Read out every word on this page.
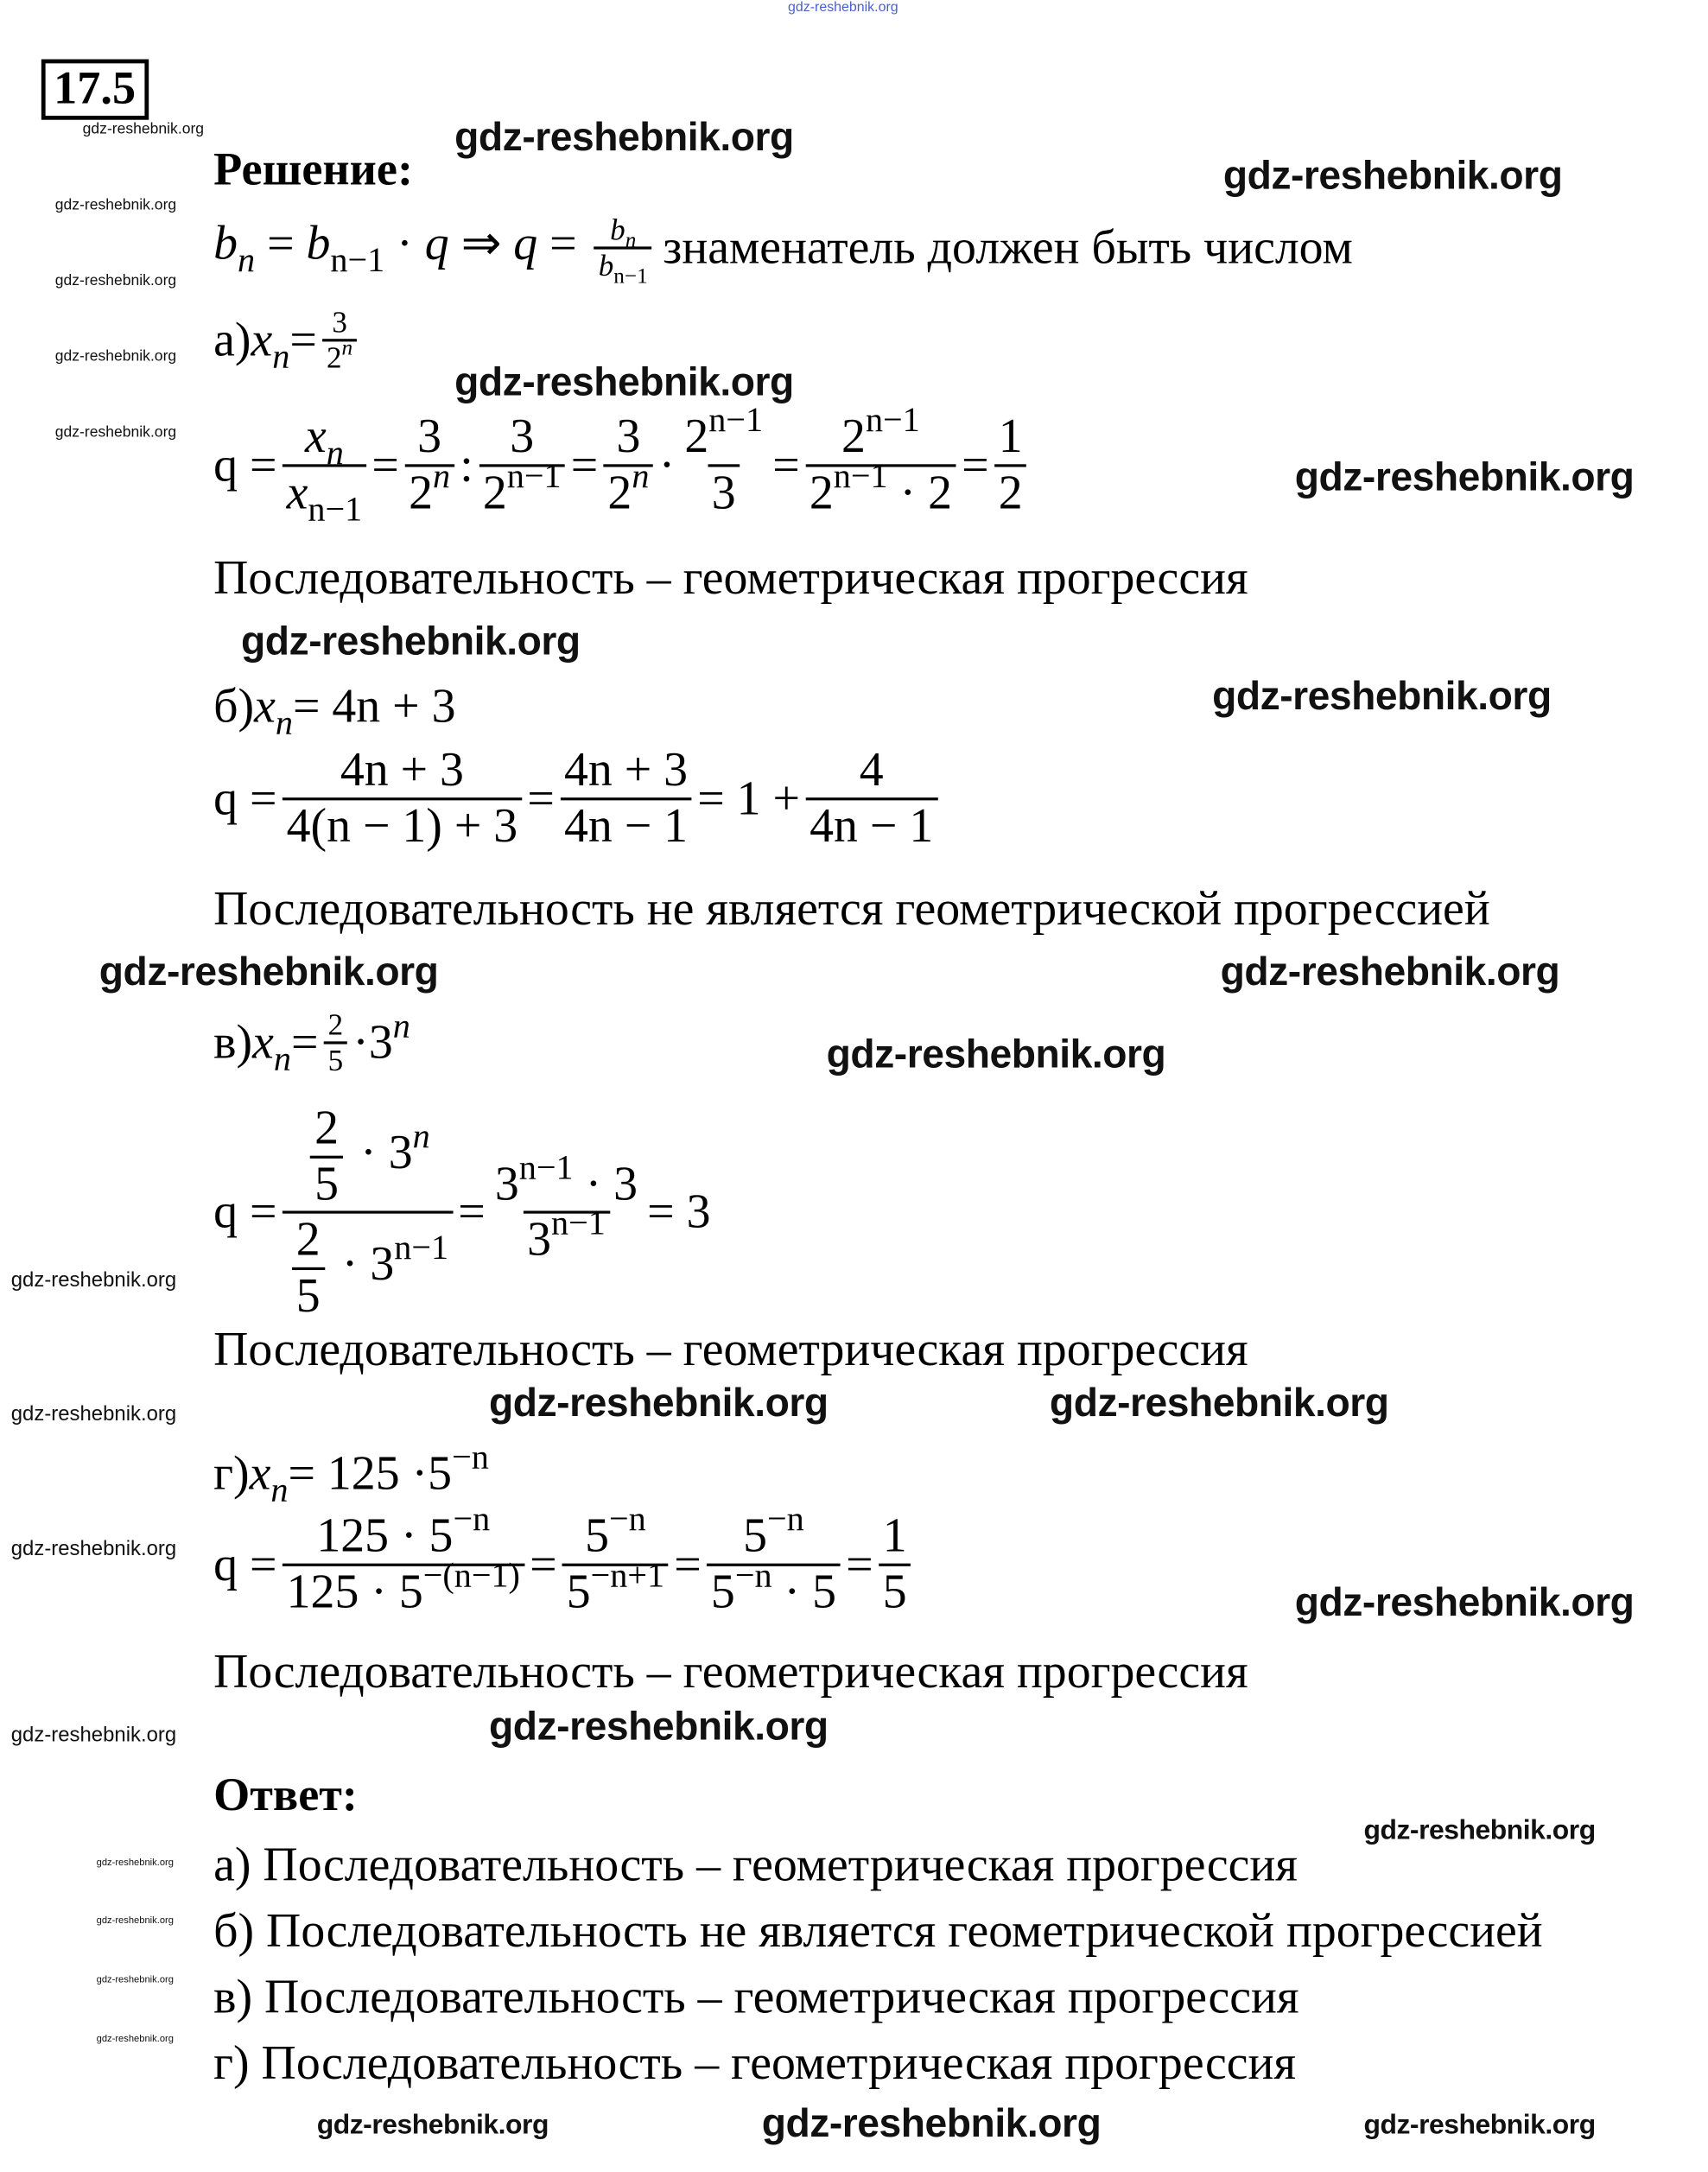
gdz-reshebnik.org
17.5
gdz-reshebnik.org
gdz-reshebnik.org
gdz-reshebnik.org
gdz-reshebnik.org
gdz-reshebnik.org
gdz-reshebnik.org
gdz-reshebnik.org
gdz-reshebnik.org
gdz-reshebnik.org
gdz-reshebnik.org
gdz-reshebnik.org
gdz-reshebnik.org
gdz-reshebnik.org
gdz-reshebnik.org
gdz-reshebnik.org
gdz-reshebnik.org
gdz-reshebnik.org
gdz-reshebnik.org
gdz-reshebnik.org
gdz-reshebnik.org	gdz-reshebnik.org
gdz-reshebnik.org
gdz-reshebnik.org	gdz-reshebnik.org
gdz-reshebnik.org
gdz-reshebnik.org
gdz-reshebnik.org
gdz-reshebnik.org	gdz-reshebnik.org	gdz-reshebnik.org
Решение:
$b_n = b_{n-1} \cdot q$ ⇒ $q = \frac{b_n}{b_{n-1}}$ знаменатель должен быть числом
а) $x_n = \frac{3}{2^n}$
$q = \frac{x_n}{x_{n-1}} = \frac{3}{2^n}$ : $\frac{3}{2^{n-1}} = \frac{3}{2^n} \cdot \frac{2^{n-1}}{3} = \frac{2^{n-1}}{2^{n-1} \cdot 2} = \frac{1}{2}$
Последовательность – геометрическая прогрессия
б) $x_n = 4n + 3$
$q = \frac{4n + 3}{4(n - 1) + 3} = \frac{4n + 3}{4n - 1} = 1 + \frac{4}{4n - 1}$
Последовательность не является геометрической прогрессией
в) $x_n = \frac{2}{5} \cdot 3^n$
$q = \frac{\frac{2}{5} \cdot 3^n}{\frac{2}{5} \cdot 3^{n-1}} = \frac{3^{n-1} \cdot 3}{3^{n-1}} = 3$
Последовательность – геометрическая прогрессия
г) $x_n = 125 \cdot 5^{-n}$
$q = \frac{125 \cdot 5^{-n}}{125 \cdot 5^{-(n-1)}} = \frac{5^{-n}}{5^{-n+1}} = \frac{5^{-n}}{5^{-n} \cdot 5} = \frac{1}{5}$
Последовательность – геометрическая прогрессия
Ответ:
а) Последовательность – геометрическая прогрессия
б) Последовательность не является геометрической прогрессией
в) Последовательность – геометрическая прогрессия
г) Последовательность – геометрическая прогрессия
